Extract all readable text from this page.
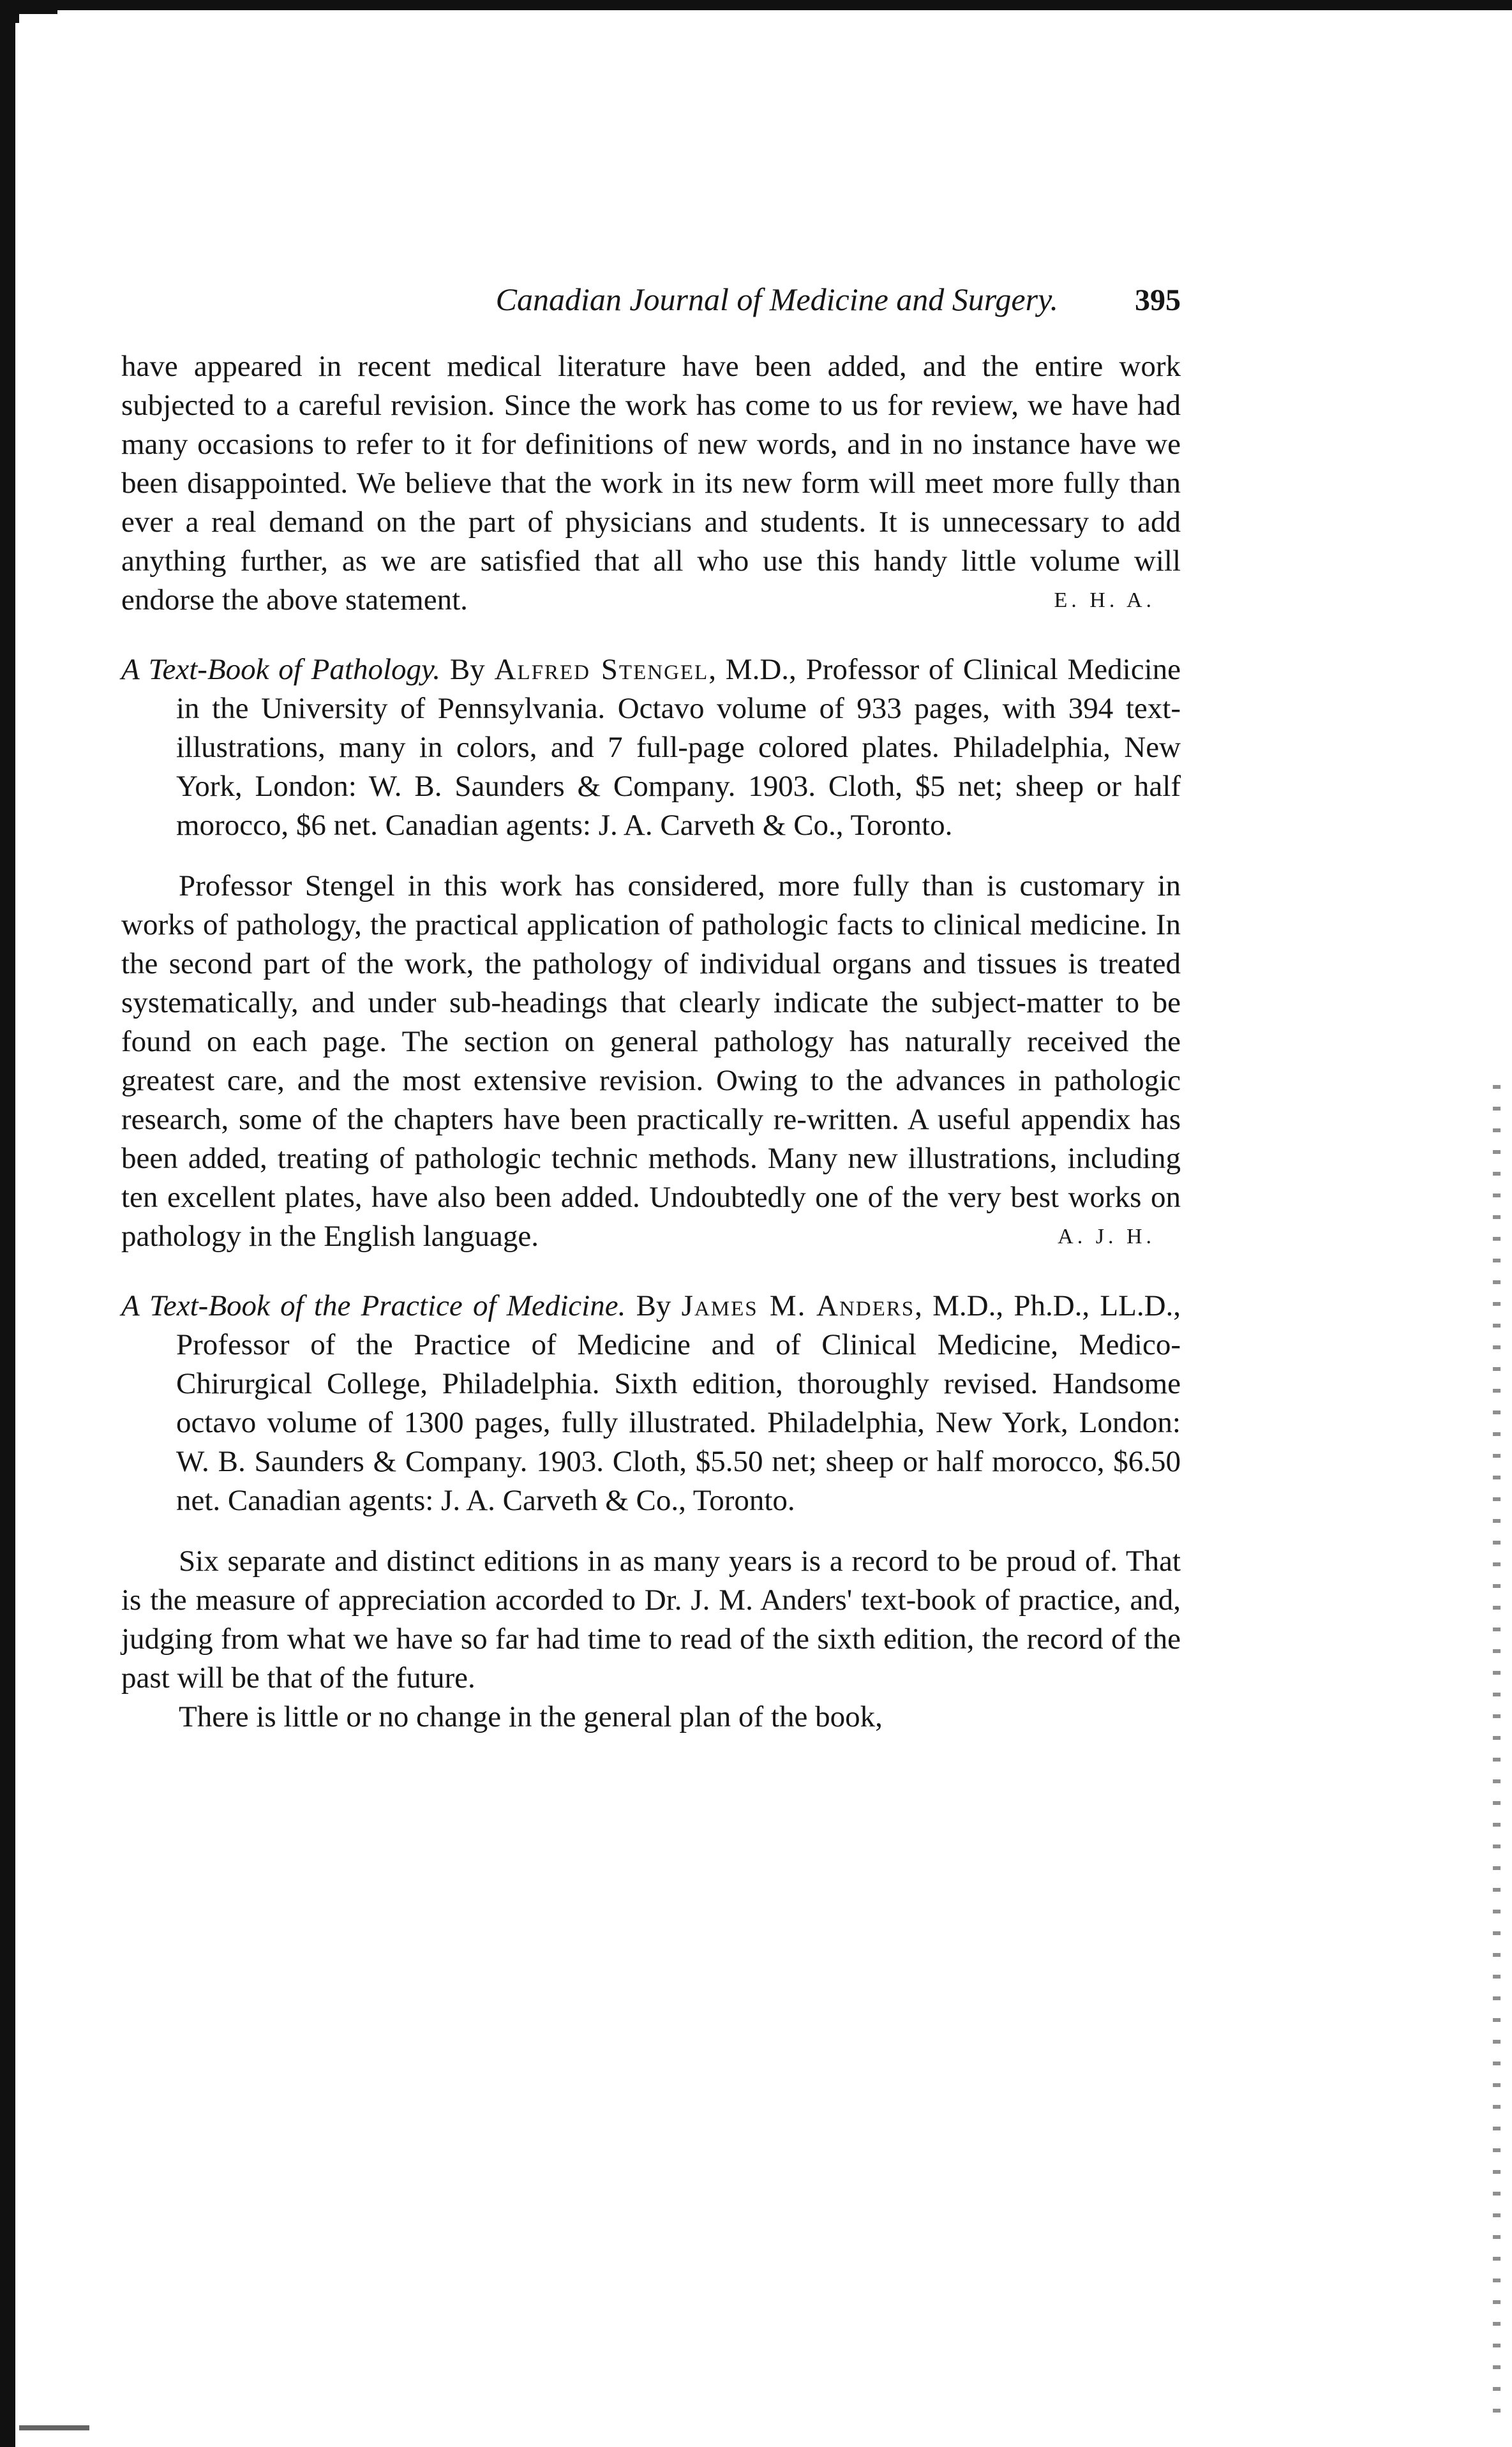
Canadian Journal of Medicine and Surgery.	395

have appeared in recent medical literature have been added, and the entire work subjected to a careful revision. Since the work has come to us for review, we have had many occasions to refer to it for definitions of new words, and in no instance have we been disappointed. We believe that the work in its new form will meet more fully than ever a real demand on the part of physicians and students. It is unnecessary to add anything further, as we are satisfied that all who use this handy little volume will endorse the above statement.	E. H. A.

A Text-Book of Pathology. By Alfred Stengel, M.D., Professor of Clinical Medicine in the University of Pennsylvania. Octavo volume of 933 pages, with 394 text-illustrations, many in colors, and 7 full-page colored plates. Philadelphia, New York, London: W. B. Saunders & Company. 1903. Cloth, $5 net; sheep or half morocco, $6 net. Canadian agents: J. A. Carveth & Co., Toronto.

Professor Stengel in this work has considered, more fully than is customary in works of pathology, the practical application of pathologic facts to clinical medicine. In the second part of the work, the pathology of individual organs and tissues is treated systematically, and under sub-headings that clearly indicate the subject-matter to be found on each page. The section on general pathology has naturally received the greatest care, and the most extensive revision. Owing to the advances in pathologic research, some of the chapters have been practically re-written. A useful appendix has been added, treating of pathologic technic methods. Many new illustrations, including ten excellent plates, have also been added. Undoubtedly one of the very best works on pathology in the English language.	A. J. H.

A Text-Book of the Practice of Medicine. By James M. Anders, M.D., Ph.D., LL.D., Professor of the Practice of Medicine and of Clinical Medicine, Medico-Chirurgical College, Philadelphia. Sixth edition, thoroughly revised. Handsome octavo volume of 1300 pages, fully illustrated. Philadelphia, New York, London: W. B. Saunders & Company. 1903. Cloth, $5.50 net; sheep or half morocco, $6.50 net. Canadian agents: J. A. Carveth & Co., Toronto.

Six separate and distinct editions in as many years is a record to be proud of. That is the measure of appreciation accorded to Dr. J. M. Anders' text-book of practice, and, judging from what we have so far had time to read of the sixth edition, the record of the past will be that of the future.

There is little or no change in the general plan of the book,
